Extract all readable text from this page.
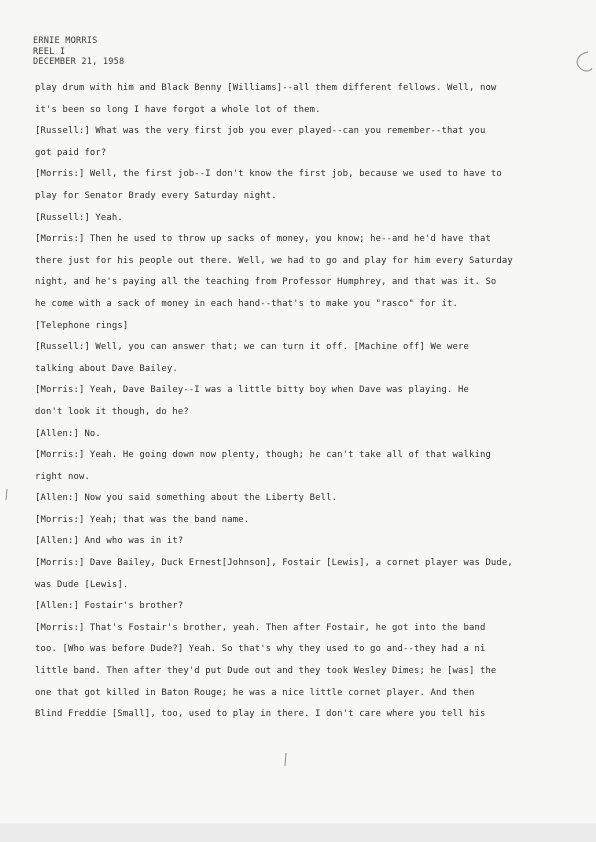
ERNIE MORRIS
REEL I
DECEMBER 21, 1958
play drum with him and Black Benny [Williams]--all them different fellows. Well, now
it's been so long I have forgot a whole lot of them.
[Russell:] What was the very first job you ever played--can you remember--that you
got paid for?
[Morris:] Well, the first job--I don't know the first job, because we used to have to
play for Senator Brady every Saturday night.
[Russell:] Yeah.
[Morris:] Then he used to throw up sacks of money, you know; he--and he'd have that
there just for his people out there. Well, we had to go and play for him every Saturday
night, and he's paying all the teaching from Professor Humphrey, and that was it. So
he come with a sack of money in each hand--that's to make you "rasco" for it.
[Telephone rings]
[Russell:] Well, you can answer that; we can turn it off. [Machine off] We were
talking about Dave Bailey.
[Morris:] Yeah, Dave Bailey--I was a little bitty boy when Dave was playing. He
don't look it though, do he?
[Allen:] No.
[Morris:] Yeah. He going down now plenty, though; he can't take all of that walking
right now.
[Allen:] Now you said something about the Liberty Bell.
[Morris:] Yeah; that was the band name.
[Allen:] And who was in it?
[Morris:] Dave Bailey, Duck Ernest[Johnson], Fostair [Lewis], a cornet player was Dude,
was Dude [Lewis].
[Allen:] Fostair's brother?
[Morris:] That's Fostair's brother, yeah. Then after Fostair, he got into the band
too. [Who was before Dude?] Yeah. So that's why they used to go and--they had a ni
little band. Then after they'd put Dude out and they took Wesley Dimes; he [was] the
one that got killed in Baton Rouge; he was a nice little cornet player. And then
Blind Freddie [Small], too, used to play in there. I don't care where you tell his
